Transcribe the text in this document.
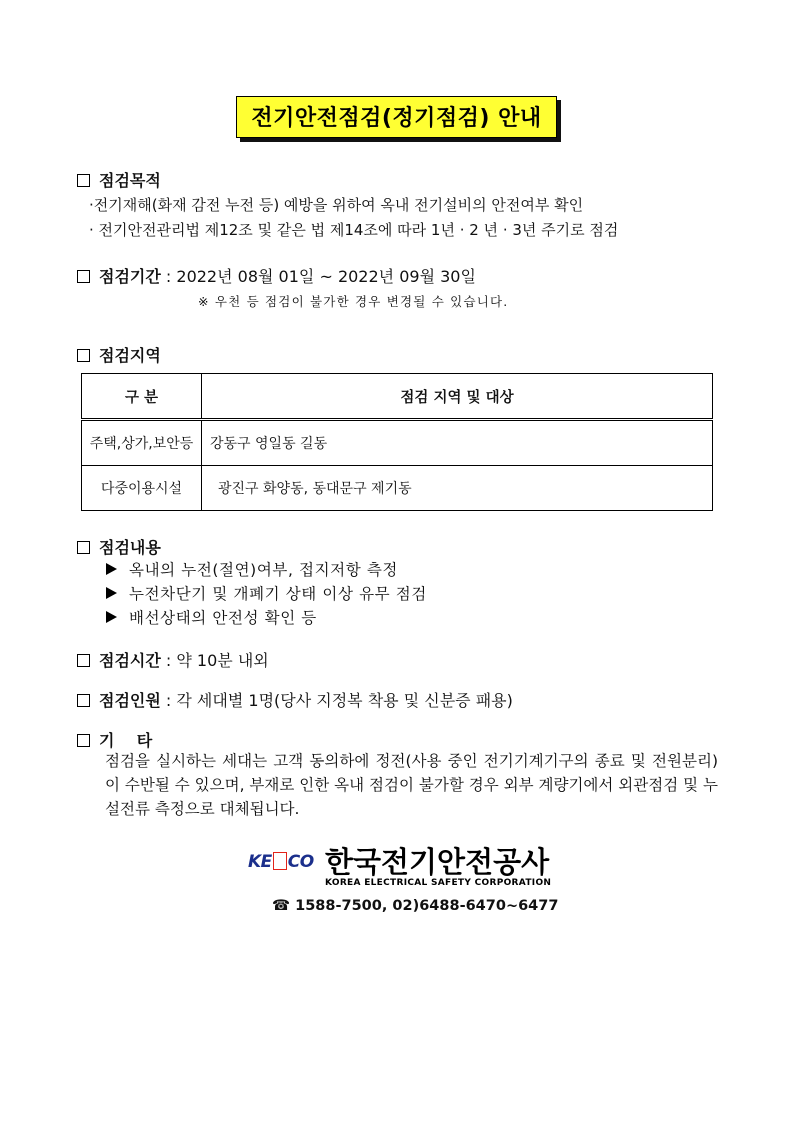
전기안전점검(정기점검) 안내
점검목적
·전기재해(화재 감전 누전 등) 예방을 위하여 옥내 전기설비의 안전여부 확인
· 전기안전관리법 제12조 및 같은 법 제14조에 따라 1년 · 2 년 · 3년 주기로 점검
점검기간 : 2022년 08월 01일 ~ 2022년 09월 30일
※ 우천 등 점검이 불가한 경우 변경될 수 있습니다.
점검지역
구 분	점검 지역 및 대상
주택,상가,보안등	강동구 영일동 길동
다중이용시설	광진구 화양동, 동대문구 제기동
점검내용
옥내의 누전(절연)여부, 접지저항 측정
누전차단기 및 개폐기 상태 이상 유무 점검
배선상태의 안전성 확인 등
점검시간 : 약 10분 내외
점검인원 : 각 세대별 1명(당사 지정복 착용 및 신분증 패용)
기    타
점검을 실시하는 세대는 고객 동의하에 정전(사용 중인 전기기계기구의 종료 및 전원분리)이 수반될 수 있으며, 부재로 인한 옥내 점검이 불가할 경우 외부 계량기에서 외관점검 및 누설전류 측정으로 대체됩니다.
KE CO 한국전기안전공사
KOREA ELECTRICAL SAFETY CORPORATION
☎ 1588-7500, 02)6488-6470~6477
